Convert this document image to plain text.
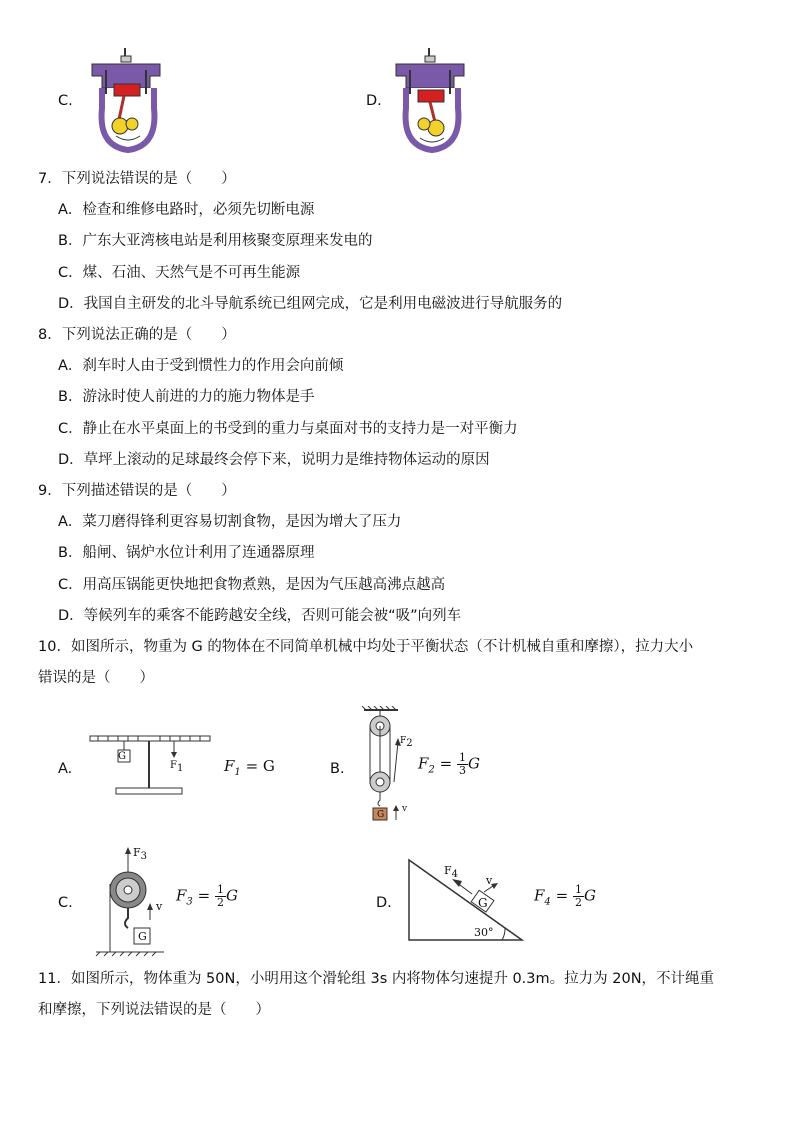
C.	D.
7．下列说法错误的是（　　）
A．检查和维修电路时，必须先切断电源
B．广东大亚湾核电站是利用核聚变原理来发电的
C．煤、石油、天然气是不可再生能源
D．我国自主研发的北斗导航系统已组网完成，它是利用电磁波进行导航服务的
8．下列说法正确的是（　　）
A．刹车时人由于受到惯性力的作用会向前倾
B．游泳时使人前进的力的施力物体是手
C．静止在水平桌面上的书受到的重力与桌面对书的支持力是一对平衡力
D．草坪上滚动的足球最终会停下来，说明力是维持物体运动的原因
9．下列描述错误的是（　　）
A．菜刀磨得锋利更容易切割食物，是因为增大了压力
B．船闸、锅炉水位计利用了连通器原理
C．用高压锅能更快地把食物煮熟，是因为气压越高沸点越高
D．等候列车的乘客不能跨越安全线，否则可能会被“吸”向列车
10．如图所示，物重为 G 的物体在不同简单机械中均处于平衡状态（不计机械自重和摩擦），拉力大小
错误的是（　　）
A.
G
$F_1$	$F_1 = G$	B.
G
$F_2$
v
$F_2 = \frac{1}{3}$ G
C.
G
$F_3$
v
$F_3 = \frac{1}{2}$ G	D.	G
$F_4$	v
30°
$F_4 = \frac{1}{2}$ G
11．如图所示，物体重为 50N，小明用这个滑轮组 3s 内将物体匀速提升 0.3m。拉力为 20N，不计绳重
和摩擦，下列说法错误的是（　　）
